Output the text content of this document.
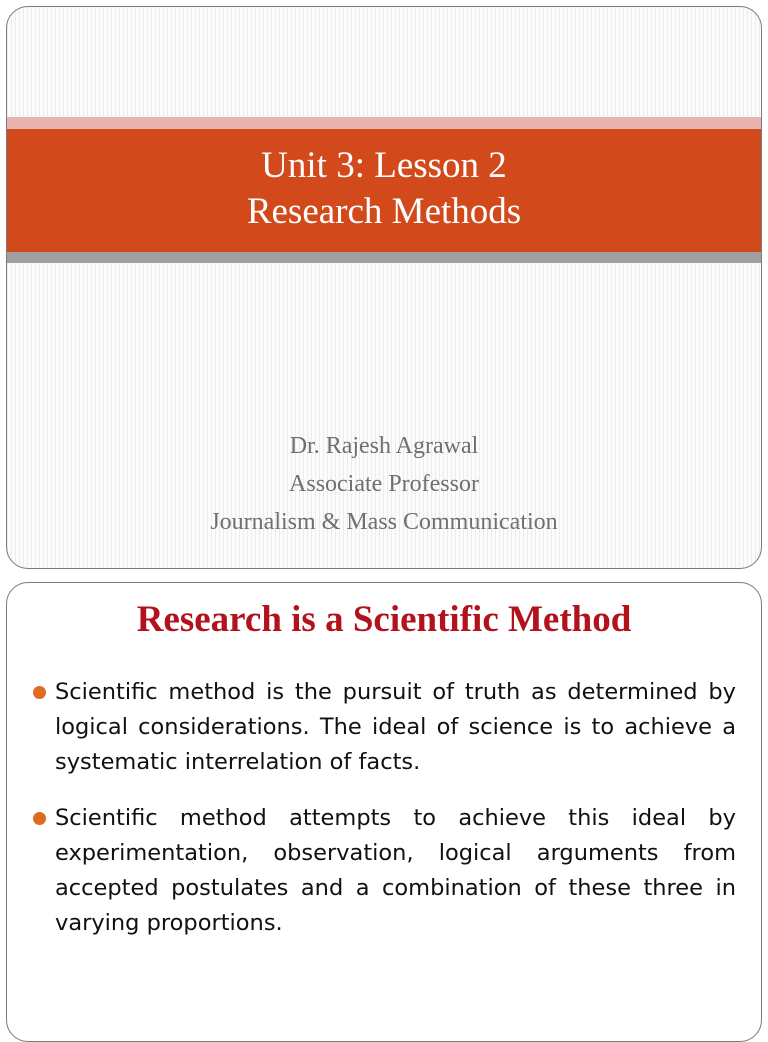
Unit 3: Lesson 2
Research Methods
Dr. Rajesh Agrawal
Associate Professor
Journalism & Mass Communication
Research is a Scientific Method
Scientific method is the pursuit of truth as determined by logical considerations. The ideal of science is to achieve a systematic interrelation of facts.
Scientific method attempts to achieve this ideal by experimentation, observation, logical arguments from accepted postulates and a combination of these three in varying proportions.
